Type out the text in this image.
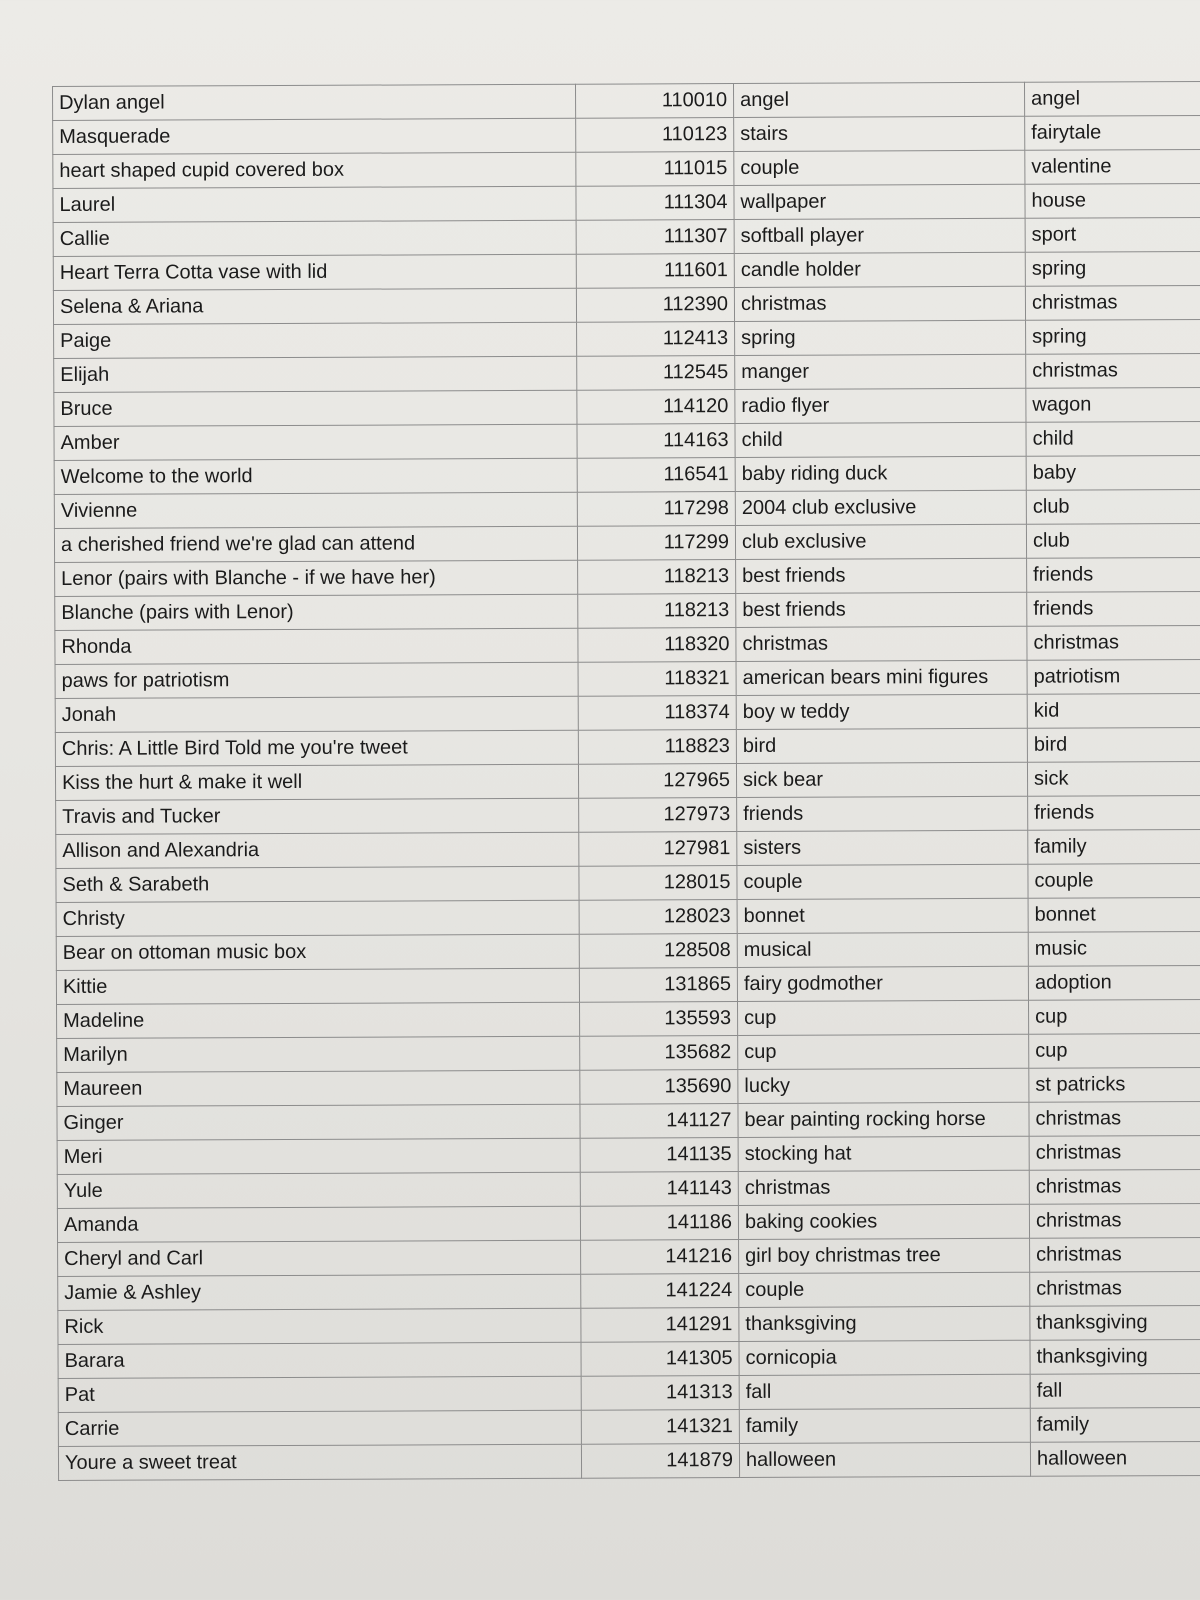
Dylan angel	110010	angel	angel
Masquerade	110123	stairs	fairytale
heart shaped cupid covered box	111015	couple	valentine
Laurel	111304	wallpaper	house
Callie	111307	softball player	sport
Heart Terra Cotta vase with lid	111601	candle holder	spring
Selena & Ariana	112390	christmas	christmas
Paige	112413	spring	spring
Elijah	112545	manger	christmas
Bruce	114120	radio flyer	wagon
Amber	114163	child	child
Welcome to the world	116541	baby riding duck	baby
Vivienne	117298	2004 club exclusive	club
a cherished friend we're glad can attend	117299	club exclusive	club
Lenor (pairs with Blanche - if we have her)	118213	best friends	friends
Blanche (pairs with Lenor)	118213	best friends	friends
Rhonda	118320	christmas	christmas
paws for patriotism	118321	american bears mini figures	patriotism
Jonah	118374	boy w teddy	kid
Chris: A Little Bird Told me you're tweet	118823	bird	bird
Kiss the hurt & make it well	127965	sick bear	sick
Travis and Tucker	127973	friends	friends
Allison and Alexandria	127981	sisters	family
Seth & Sarabeth	128015	couple	couple
Christy	128023	bonnet	bonnet
Bear on ottoman music box	128508	musical	music
Kittie	131865	fairy godmother	adoption
Madeline	135593	cup	cup
Marilyn	135682	cup	cup
Maureen	135690	lucky	st patricks
Ginger	141127	bear painting rocking horse	christmas
Meri	141135	stocking hat	christmas
Yule	141143	christmas	christmas
Amanda	141186	baking cookies	christmas
Cheryl and Carl	141216	girl boy christmas tree	christmas
Jamie & Ashley	141224	couple	christmas
Rick	141291	thanksgiving	thanksgiving
Barara	141305	cornicopia	thanksgiving
Pat	141313	fall	fall
Carrie	141321	family	family
Youre a sweet treat	141879	halloween	halloween
